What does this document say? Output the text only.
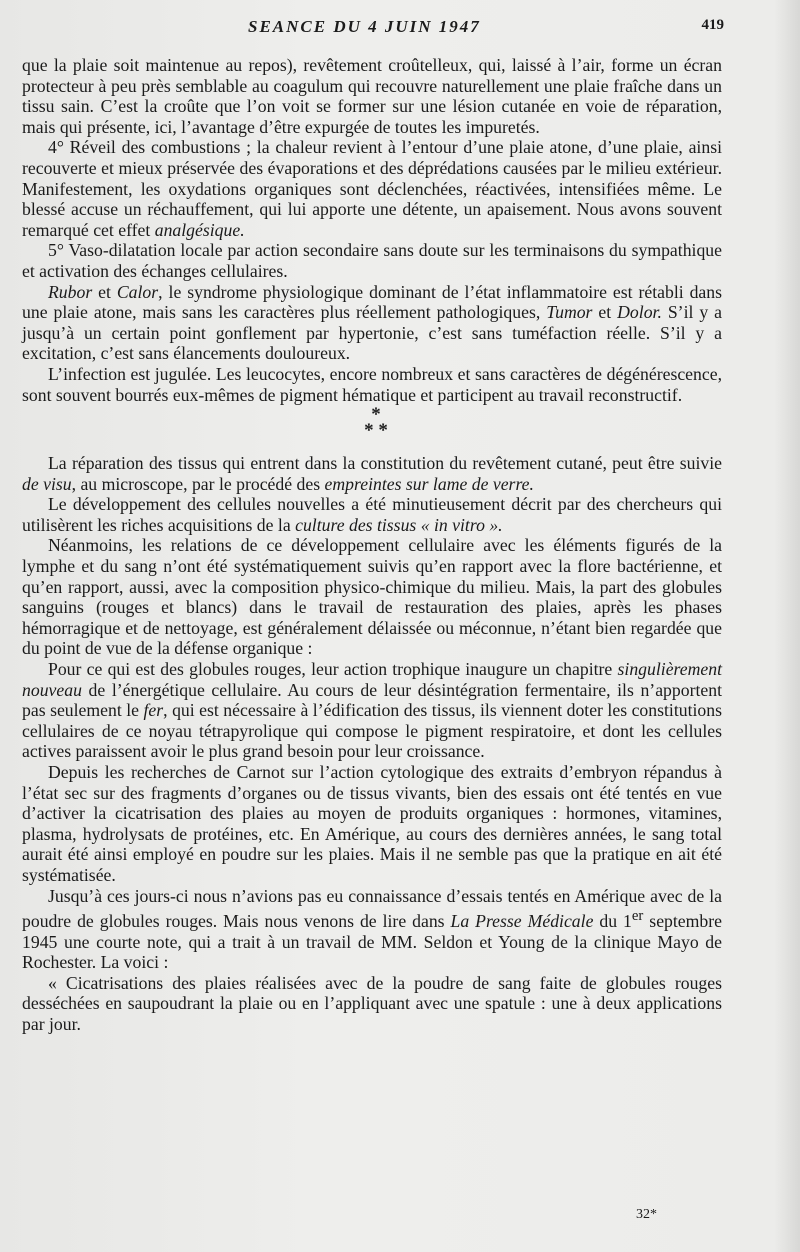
SEANCE DU 4 JUIN 1947	419

que la plaie soit maintenue au repos), revêtement croûtelleux, qui, laissé à l’air, forme un écran protecteur à peu près semblable au coagulum qui recouvre naturellement une plaie fraîche dans un tissu sain. C’est la croûte que l’on voit se former sur une lésion cutanée en voie de réparation, mais qui présente, ici, l’avantage d’être expurgée de toutes les impuretés.

4° Réveil des combustions ; la chaleur revient à l’entour d’une plaie atone, d’une plaie, ainsi recouverte et mieux préservée des évaporations et des déprédations causées par le milieu extérieur. Manifestement, les oxydations organiques sont déclenchées, réactivées, intensifiées même. Le blessé accuse un réchauffement, qui lui apporte une détente, un apaisement. Nous avons souvent remarqué cet effet analgésique.

5° Vaso-dilatation locale par action secondaire sans doute sur les terminaisons du sympathique et activation des échanges cellulaires.

Rubor et Calor, le syndrome physiologique dominant de l’état inflammatoire est rétabli dans une plaie atone, mais sans les caractères plus réellement pathologiques, Tumor et Dolor. S’il y a jusqu’à un certain point gonflement par hypertonie, c’est sans tuméfaction réelle. S’il y a excitation, c’est sans élancements douloureux.

L’infection est jugulée. Les leucocytes, encore nombreux et sans caractères de dégénérescence, sont souvent bourrés eux-mêmes de pigment hématique et participent au travail reconstructif.

*
* *

La réparation des tissus qui entrent dans la constitution du revêtement cutané, peut être suivie de visu, au microscope, par le procédé des empreintes sur lame de verre.

Le développement des cellules nouvelles a été minutieusement décrit par des chercheurs qui utilisèrent les riches acquisitions de la culture des tissus « in vitro ».

Néanmoins, les relations de ce développement cellulaire avec les éléments figurés de la lymphe et du sang n’ont été systématiquement suivis qu’en rapport avec la flore bactérienne, et qu’en rapport, aussi, avec la composition physico-chimique du milieu. Mais, la part des globules sanguins (rouges et blancs) dans le travail de restauration des plaies, après les phases hémorragique et de nettoyage, est généralement délaissée ou méconnue, n’étant bien regardée que du point de vue de la défense organique :

Pour ce qui est des globules rouges, leur action trophique inaugure un chapitre singulièrement nouveau de l’énergétique cellulaire. Au cours de leur désintégration fermentaire, ils n’apportent pas seulement le fer, qui est nécessaire à l’édification des tissus, ils viennent doter les constitutions cellulaires de ce noyau tétrapyrolique qui compose le pigment respiratoire, et dont les cellules actives paraissent avoir le plus grand besoin pour leur croissance.

Depuis les recherches de Carnot sur l’action cytologique des extraits d’embryon répandus à l’état sec sur des fragments d’organes ou de tissus vivants, bien des essais ont été tentés en vue d’activer la cicatrisation des plaies au moyen de produits organiques : hormones, vitamines, plasma, hydrolysats de protéines, etc. En Amérique, au cours des dernières années, le sang total aurait été ainsi employé en poudre sur les plaies. Mais il ne semble pas que la pratique en ait été systématisée.

Jusqu’à ces jours-ci nous n’avions pas eu connaissance d’essais tentés en Amérique avec de la poudre de globules rouges. Mais nous venons de lire dans La Presse Médicale du 1er septembre 1945 une courte note, qui a trait à un travail de MM. Seldon et Young de la clinique Mayo de Rochester. La voici :

« Cicatrisations des plaies réalisées avec de la poudre de sang faite de globules rouges desséchées en saupoudrant la plaie ou en l’appliquant avec une spatule : une à deux applications par jour.

32*
